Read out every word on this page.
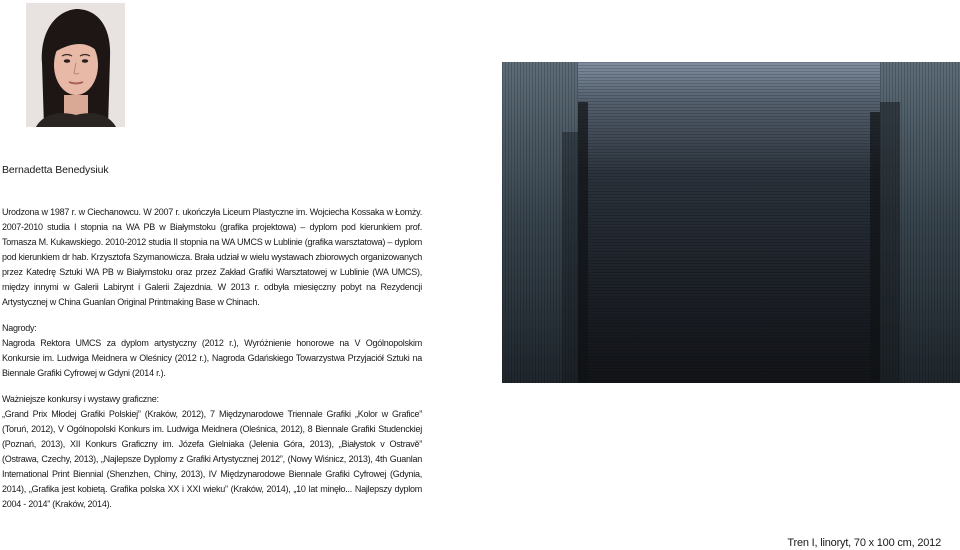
Bernadetta Benedysiuk

Urodzona w 1987 r. w Ciechanowcu. W 2007 r. ukończyła Liceum Plastyczne im. Wojciecha Kossaka w Łomży. 2007-2010 studia I stopnia na WA PB w Białymstoku (grafika projektowa) – dyplom pod kierunkiem prof. Tomasza M. Kukawskiego. 2010-2012 studia II stopnia na WA UMCS w Lublinie (grafika warsztatowa) – dyplom pod kierunkiem dr hab. Krzysztofa Szymanowicza. Brała udział w wielu wystawach zbiorowych organizowanych przez Katedrę Sztuki WA PB w Białymstoku oraz przez Zakład Grafiki Warsztatowej w Lublinie (WA UMCS), między innymi w Galerii Labirynt i Galerii Zajezdnia. W 2013 r. odbyła miesięczny pobyt na Rezydencji Artystycznej w China Guanlan Original Printmaking Base w Chinach.

Nagrody:

Nagroda Rektora UMCS za dyplom artystyczny (2012 r.), Wyróżnienie honorowe na V Ogólnopolskim Konkursie im. Ludwiga Meidnera w Oleśnicy (2012 r.), Nagroda Gdańskiego Towarzystwa Przyjaciół Sztuki na Biennale Grafiki Cyfrowej w Gdyni (2014 r.).

Ważniejsze konkursy i wystawy graficzne:

„Grand Prix Młodej Grafiki Polskiej” (Kraków, 2012), 7 Międzynarodowe Triennale Grafiki „Kolor w Grafice” (Toruń, 2012), V Ogólnopolski Konkurs im. Ludwiga Meidnera (Oleśnica, 2012), 8 Biennale Grafiki Studenckiej (Poznań, 2013), XII Konkurs Graficzny im. Józefa Gielniaka (Jelenia Góra, 2013), „Białystok v Ostravě” (Ostrawa, Czechy, 2013), „Najlepsze Dyplomy z Grafiki Artystycznej 2012”, (Nowy Wiśnicz, 2013), 4th Guanlan International Print Biennial (Shenzhen, Chiny, 2013), IV Międzynarodowe Biennale Grafiki Cyfrowej (Gdynia, 2014), „Grafika jest kobietą. Grafika polska XX i XXI wieku” (Kraków, 2014), „10 lat minęło... Najlepszy dyplom 2004 - 2014” (Kraków, 2014).

Tren I, linoryt, 70 x 100 cm, 2012
